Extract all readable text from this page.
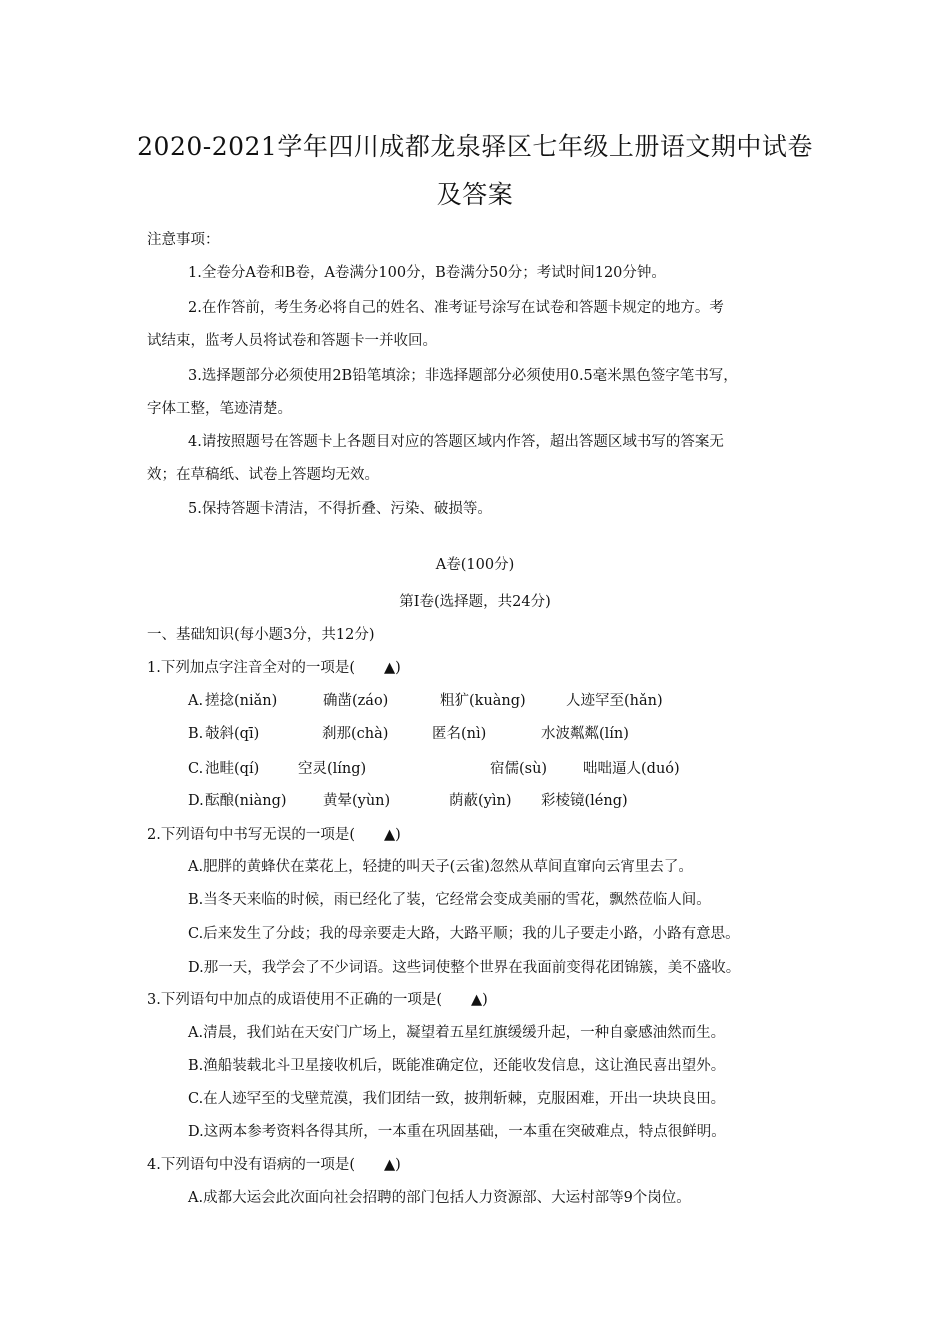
2020-2021学年四川成都龙泉驿区七年级上册语文期中试卷
及答案
注意事项：
1.全卷分A卷和B卷，A卷满分100分，B卷满分50分；考试时间120分钟。
2.在作答前，考生务必将自己的姓名、准考证号涂写在试卷和答题卡规定的地方。考
试结束，监考人员将试卷和答题卡一并收回。
3.选择题部分必须使用2B铅笔填涂；非选择题部分必须使用0.5毫米黑色签字笔书写，
字体工整，笔迹清楚。
4.请按照题号在答题卡上各题目对应的答题区域内作答，超出答题区域书写的答案无
效；在草稿纸、试卷上答题均无效。
5.保持答题卡清洁，不得折叠、污染、破损等。
A卷(100分)
第Ⅰ卷(选择题，共24分)
一、基础知识(每小题3分，共12分)
1.下列加点字注音全对的一项是(　　▲)
A. 搓捻(niǎn)	确凿(záo)	粗犷(kuàng)	人迹罕至(hǎn)
B. 攲斜(qī)	刹那(chà)	匿名(nì)	水波粼粼(lín)
C. 池畦(qí)	空灵(líng)	宿儒(sù) 咄咄逼人(duó)
D. 酝酿(niàng)	黄晕(yùn)	荫蔽(yìn) 彩棱镜(léng)
2.下列语句中书写无误的一项是(　　▲)
A.肥胖的黄蜂伏在菜花上，轻捷的叫天子(云雀)忽然从草间直窜向云宵里去了。
B.当冬天来临的时候，雨已经化了装，它经常会变成美丽的雪花，飘然莅临人间。
C.后来发生了分歧；我的母亲要走大路，大路平顺；我的儿子要走小路，小路有意思。
D.那一天，我学会了不少词语。这些词使整个世界在我面前变得花团锦簇，美不盛收。
3.下列语句中加点的成语使用不正确的一项是(　　▲)
A.清晨，我们站在天安门广场上，凝望着五星红旗缓缓升起，一种自豪感油然而生。
B.渔船装载北斗卫星接收机后，既能准确定位，还能收发信息，这让渔民喜出望外。
C.在人迹罕至的戈壁荒漠，我们团结一致，披荆斩棘，克服困难，开出一块块良田。
D.这两本参考资料各得其所，一本重在巩固基础，一本重在突破难点，特点很鲜明。
4.下列语句中没有语病的一项是(　　▲)
A.成都大运会此次面向社会招聘的部门包括人力资源部、大运村部等9个岗位。
